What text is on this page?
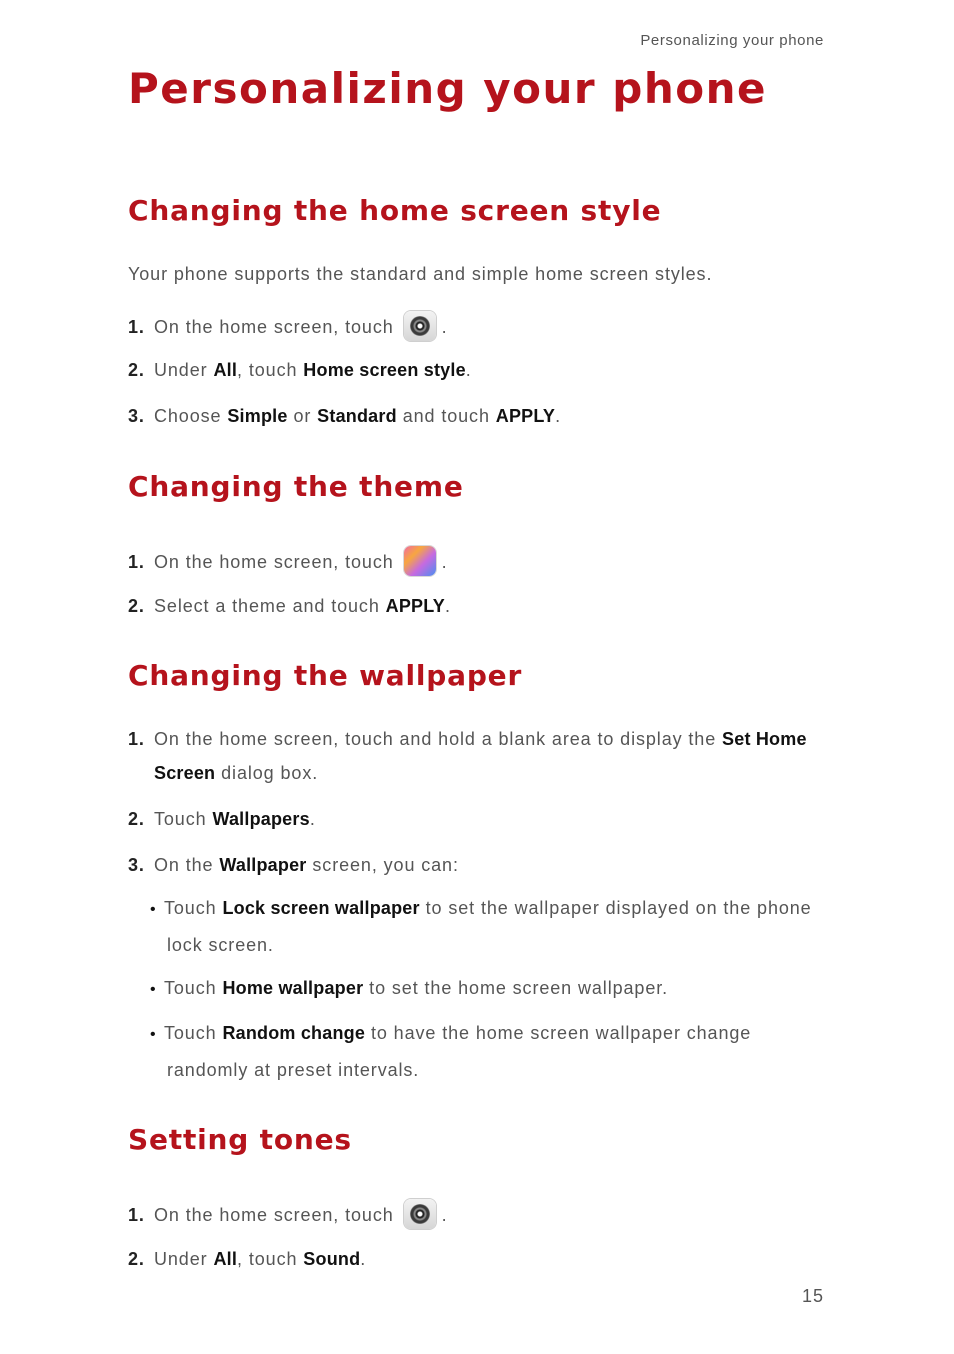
Personalizing your phone
Personalizing your phone
Changing the home screen style
Your phone supports the standard and simple home screen styles.
1. On the home screen, touch	.
2. Under All, touch Home screen style.
3. Choose Simple or Standard and touch APPLY.
Changing the theme
1. On the home screen, touch	.
2. Select a theme and touch APPLY.
Changing the wallpaper
1. On the home screen, touch and hold a blank area to display the Set Home
Screen dialog box.
2. Touch Wallpapers.
3. On the Wallpaper screen, you can:
• Touch Lock screen wallpaper to set the wallpaper displayed on the phone
lock screen.
• Touch Home wallpaper to set the home screen wallpaper.
• Touch Random change to have the home screen wallpaper change
randomly at preset intervals.
Setting tones
1. On the home screen, touch	.
2. Under All, touch Sound.
15
